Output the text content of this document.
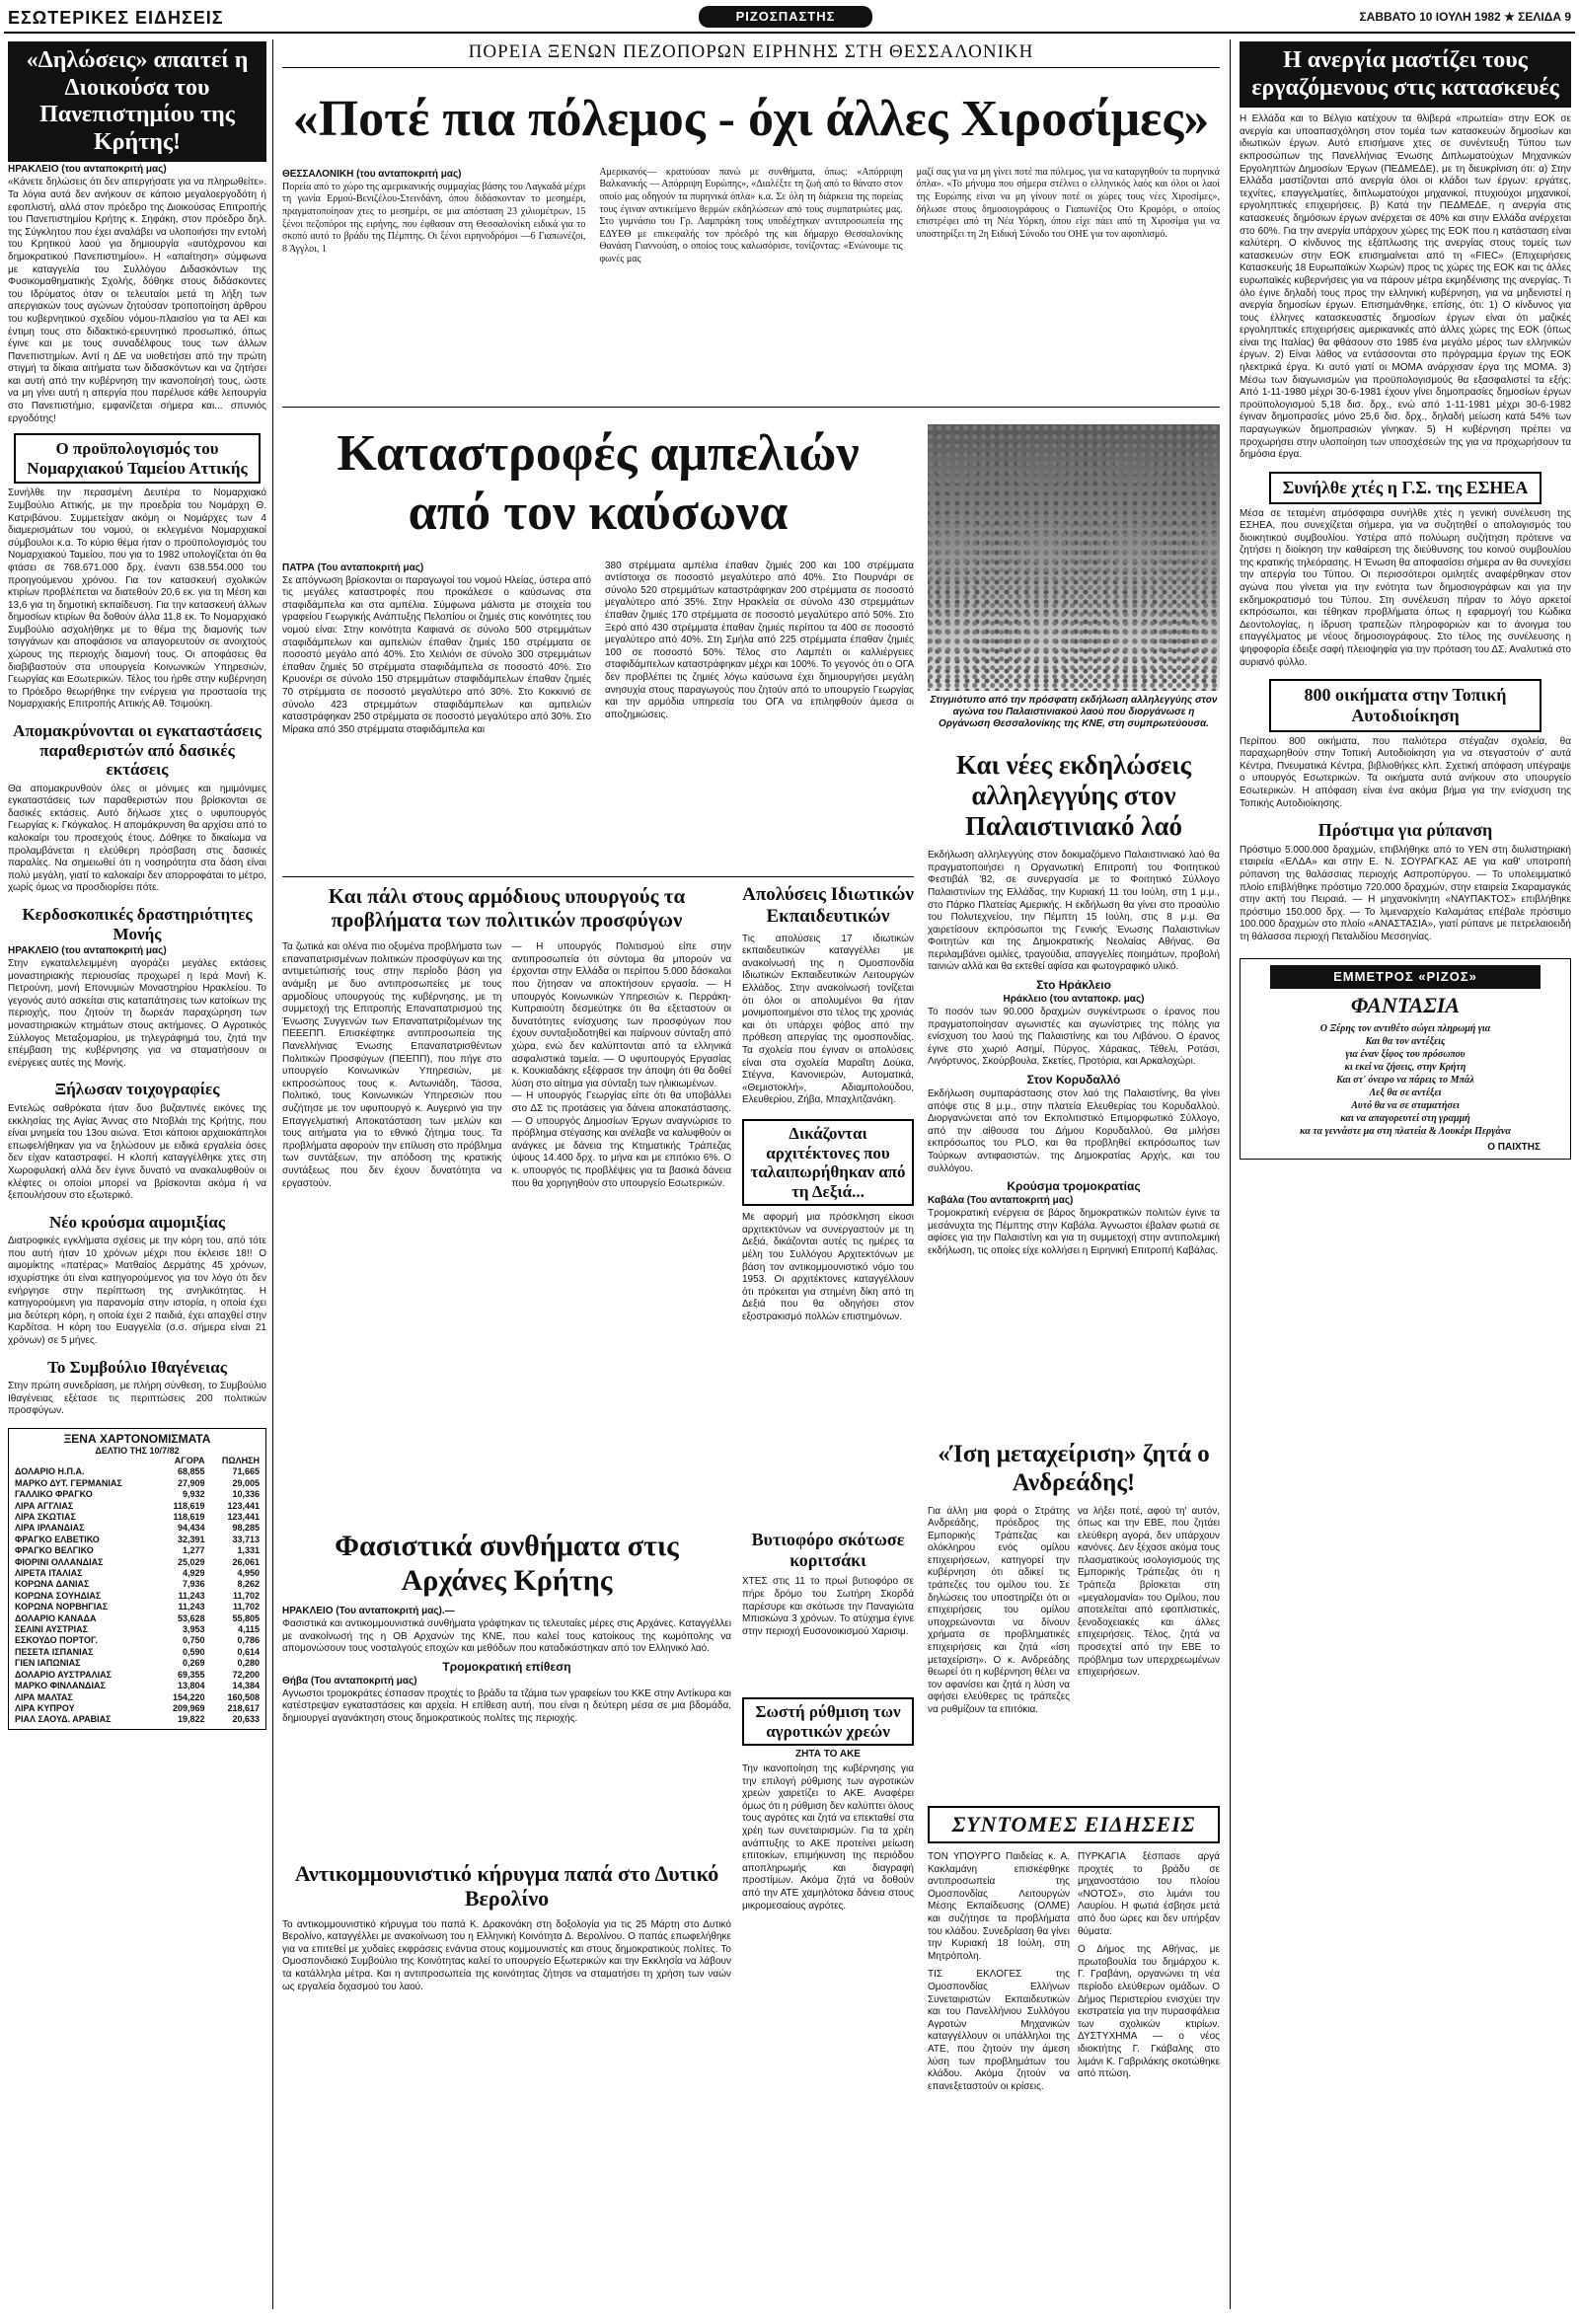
ΕΣΩΤΕΡΙΚΕΣ ΕΙΔΗΣΕΙΣ	ΡΙΖΟΣΠΑΣΤΗΣ	ΣΑΒΒΑΤΟ 10 ΙΟΥΛΗ 1982 ★ ΣΕΛΙΔΑ 9
«Δηλώσεις» απαιτεί η Διοικούσα του Πανεπιστημίου της Κρήτης!

ΗΡΑΚΛΕΙΟ (του ανταποκριτή μας)

«Κάνετε δηλώσεις ότι δεν απεργήσατε για να πληρωθείτε». Τα λόγια αυτά δεν ανήκουν σε κάποιο μεγαλοεργοδότη ή εφοπλιστή, αλλά στον πρόεδρο της Διοικούσας Επιτροπής του Πανεπιστημίου Κρήτης κ. Σηφάκη, στον πρόεδρο δηλ. της Σύγκλητου που έχει αναλάβει να υλοποιήσει την εντολή του Κρητικού λαού για δημιουργία «αυτόχρονου και δημοκρατικού Πανεπιστημίου». Η «απαίτηση» σύμφωνα με καταγγελία του Συλλόγου Διδασκόντων της Φυσικομαθηματικής Σχολής, δόθηκε στους διδάσκοντες του Ιδρύματος όταν οι τελευταίοι μετά τη λήξη των απεργιακών τους αγώνων ζητούσαν τροποποίηση άρθρου του κυβερνητικού σχεδίου νόμου-πλαισίου για τα ΑΕΙ και έντιμη τους στο διδακτικό-ερευνητικό προσωπικό, όπως έγινε και με τους συναδέλφους τους των άλλων Πανεπιστημίων. Αντί η ΔΕ να υιοθετήσει από την πρώτη στιγμή τα δίκαια αιτήματα των διδασκόντων και να ζητήσει και αυτή από την κυβέρνηση την ικανοποίησή τους, ώστε να μη γίνει αυτή η απεργία που παρέλυσε κάθε λειτουργία στο Πανεπιστήμιο, εμφανίζεται σήμερα και... σπυνιός εργοδότης!

Ο προϋπολογισμός του Νομαρχιακού Ταμείου Αττικής

Συνήλθε την περασμένη Δευτέρα το Νομαρχιακό Συμβούλιο Αττικής, με την προεδρία του Νομάρχη Θ. Κατριβάνου. Συμμετείχαν ακόμη οι Νομάρχες των 4 διαμερισμάτων του νομού, οι εκλεγμένοι Νομαρχιακοί σύμβουλοι κ.α. Το κύριο θέμα ήταν ο προϋπολογισμός του Νομαρχιακού Ταμείου, που για το 1982 υπολογίζεται ότι θα φτάσει σε 768.671.000 δρχ. έναντι 638.554.000 του προηγούμενου χρόνου. Για τον κατασκευή σχολικών κτιρίων προβλέπεται να διατεθούν 20,6 εκ. για τη Μέση και 13,6 για τη δημοτική εκπαίδευση. Για την κατασκευή άλλων δημοσίων κτιρίων θα δοθούν άλλα 11,8 εκ. Το Νομαρχιακό Συμβούλιο ασχολήθηκε με το θέμα της διαμονής των τσιγγάνων και αποφάσισε να απαγορευτούν σε ανοιχτούς χώρους της περιοχής διαμονή τους. Οι αποφάσεις θα διαβιβαστούν στα υπουργεία Κοινωνικών Υπηρεσιών, Γεωργίας και Εσωτερικών. Τέλος του ήρθε στην κυβέρνηση το Πρόεδρο θεωρήθηκε την ενέργεια για προστασία της Νομαρχιακής Επιτροπής Αττικής Αθ. Τσιμούκη.

Απομακρύνονται οι εγκαταστάσεις παραθεριστών από δασικές εκτάσεις

Θα απομακρυνθούν όλες οι μόνιμες και ημιμόνιμες εγκαταστάσεις των παραθεριστών που βρίσκονται σε δασικές εκτάσεις. Αυτό δήλωσε χτες ο υφυπουργός Γεωργίας κ. Γκόγκαλος. Η απομάκρυνση θα αρχίσει από το καλοκαίρι του προσεχούς έτους. Δόθηκε το δικαίωμα να προλαμβάνεται η ελεύθερη πρόσβαση στις δασικές παραλίες. Να σημειωθεί ότι η νοσηρότητα στα δάση είναι πολύ μεγάλη, γιατί το καλοκαίρι δεν απορροφάται το μέτρο, χωρίς όμως να προσδιορίσει πότε.

Κερδοσκοπικές δραστηριότητες Μονής

ΗΡΑΚΛΕΙΟ (του ανταποκριτή μας)

Στην εγκαταλελειμμένη αγοράζει μεγάλες εκτάσεις μοναστηριακής περιουσίας προχωρεί η Ιερά Μονή Κ. Πετρούνη, μονή Επονυμιών Μοναστηρίου Ηρακλείου. Το γεγονός αυτό ασκείται στις καταπάτησεις των κατοίκων της περιοχής, που ζητούν τη δωρεάν παραχώρηση των μοναστηριακών κτημάτων στους ακτήμονες. Ο Αγροτικός Σύλλογος Μεταξομαρίου, με τηλεγράφημά του, ζητά την επέμβαση της κυβέρνησης για να σταματήσουν οι ενέργειες αυτές της Μονής.

Ξήλωσαν τοιχογραφίες

Εντελώς σαθρόκατα ήταν δυο βυζαντινές εικόνες της εκκλησίας της Αγίας Άννας στο Ντοβλάι της Κρήτης, που είναι μνημεία του 13ου αιώνα. Έτσι κάποιοι αρχαιοκάπηλοι επωφελήθηκαν για να ξηλώσουν με ειδικά εργαλεία όσες δεν είχαν καταστραφεί. Η κλοπή καταγγέλθηκε χτες στη Χωροφυλακή αλλά δεν έγινε δυνατό να ανακαλυφθούν οι κλέφτες οι οποίοι μπορεί να βρίσκονται ακόμα ή να ξεπουλήσουν στο εξωτερικό.

Νέο κρούσμα αιμομιξίας

Διατροφικές εγκλήματα σχέσεις με την κόρη του, από τότε που αυτή ήταν 10 χρόνων μέχρι που έκλεισε 18!! Ο αιμομίκτης «πατέρας» Ματθαίος Δερμάτης 45 χρόνων, ισχυρίστηκε ότι είναι κατηγορούμενος για τον λόγο ότι δεν ενήργησε στην περίπτωση της ανηλικότητας. Η κατηγορούμενη για παρανομία στην ιστορία, η οποία έχει μια δεύτερη κόρη, η οποία έχει 2 παιδιά, έχει απαχθεί στην Καρδίτσα. Η κόρη του Ευαγγελία (σ.σ. σήμερα είναι 21 χρόνων) σε 5 μήνες.

Το Συμβούλιο Ιθαγένειας

Στην πρώτη συνεδρίαση, με πλήρη σύνθεση, το Συμβούλιο Ιθαγένειας εξέτασε τις περιπτώσεις 200 πολιτικών προσφύγων.

ΞΕΝΑ ΧΑΡΤΟΝΟΜΙΣΜΑΤΑ
ΔΕΛΤΙΟ ΤΗΣ 10/7/82
	ΑΓΟΡΑ	ΠΩΛΗΣΗ
ΔΟΛΑΡΙΟ Η.Π.Α.	68,855	71,665
ΜΑΡΚΟ ΔΥΤ. ΓΕΡΜΑΝΙΑΣ	27,909	29,005
ΓΑΛΛΙΚΟ ΦΡΑΓΚΟ	9,932	10,336
ΛΙΡΑ ΑΓΓΛΙΑΣ	118,619	123,441
ΛΙΡΑ ΣΚΩΤΙΑΣ	118,619	123,441
ΛΙΡΑ ΙΡΛΑΝΔΙΑΣ	94,434	98,285
ΦΡΑΓΚΟ ΕΛΒΕΤΙΚΟ	32,391	33,713
ΦΡΑΓΚΟ ΒΕΛΓΙΚΟ	1,277	1,331
ΦΙΟΡΙΝΙ ΟΛΛΑΝΔΙΑΣ	25,029	26,061
ΛΙΡΕΤΑ ΙΤΑΛΙΑΣ	4,929	4,950
ΚΟΡΩΝΑ ΔΑΝΙΑΣ	7,936	8,262
ΚΟΡΩΝΑ ΣΟΥΗΔΙΑΣ	11,243	11,702
ΚΟΡΩΝΑ ΝΟΡΒΗΓΙΑΣ	11,243	11,702
ΔΟΛΑΡΙΟ ΚΑΝΑΔΑ	53,628	55,805
ΣΕΛΙΝΙ ΑΥΣΤΡΙΑΣ	3,953	4,115
ΕΣΚΟΥΔΟ ΠΟΡΤΟΓ.	0,750	0,786
ΠΕΣΕΤΑ ΙΣΠΑΝΙΑΣ	0,590	0,614
ΓΙΕΝ ΙΑΠΩΝΙΑΣ	0,269	0,280
ΔΟΛΑΡΙΟ ΑΥΣΤΡΑΛΙΑΣ	69,355	72,200
ΜΑΡΚΟ ΦΙΝΛΑΝΔΙΑΣ	13,804	14,384
ΛΙΡΑ ΜΑΛΤΑΣ	154,220	160,508
ΛΙΡΑ ΚΥΠΡΟΥ	209,969	218,617
ΡΙΑΛ ΣΑΟΥΔ. ΑΡΑΒΙΑΣ	19,822	20,633
ΠΟΡΕΙΑ ΞΕΝΩΝ ΠΕΖΟΠΟΡΩΝ ΕΙΡΗΝΗΣ ΣΤΗ ΘΕΣΣΑΛΟΝΙΚΗ
«Ποτέ πια πόλεμος - όχι άλλες Χιροσίμες»

ΘΕΣΣΑΛΟΝΙΚΗ (του ανταποκριτή μας)

Πορεία από το χώρο της αμερικανικής συμμαχίας βάσης του Λαγκαδά μέχρι τη γωνία Ερμού-Βενιζέλου-Στεινδάνη, όπου διδάσκονταν το μεσημέρι, πραγματοποίησαν χτες το μεσημέρι, σε μια απόσταση 23 χιλιομέτρων, 15 ξένοι πεζοπόροι της ειρήνης, που έφθασαν στη Θεσσαλονίκη ειδικά για το σκοπό αυτό το βράδυ της Πέμπτης. Οι ξένοι ειρηνοδρόμοι —6 Γιαπωνέζοι, 8 Άγγλοι, 1

Αμερικανός— κρατούσαν πανώ με συνθήματα, όπως: «Απόρριψη Βαλκανικής — Απόρριψη Ευρώπης», «Διαλέξτε τη ζωή από το θάνατο στον οποίο μας οδηγούν τα πυρηνικά όπλα» κ.α. Σε όλη τη διάρκεια της πορείας τους έγιναν αντικείμενο θερμών εκδηλώσεων από τους συμπατριώτες μας. Στο γυμνάσιο του Γρ. Λαμπράκη τους υποδέχτηκαν αντιπροσωπεία της ΕΔΥΕΘ με επικεφαλής τον πρόεδρό της και δήμαρχο Θεσσαλονίκης Θανάση Γιαννούση, ο οποίος τους καλωσόρισε, τονίζοντας: «Ενώνουμε τις φωνές μας

μαζί σας για να μη γίνει ποτέ πια πόλεμος, για να καταργηθούν τα πυρηνικά όπλα». «Το μήνυμα που σήμερα στέλνει ο ελληνικός λαός και όλοι οι λαοί της Ευρώπης είναι να μη γίνουν ποτέ οι χώρες τους νέες Χιροσίμες», δήλωσε στους δημοσιογράφους ο Γιαπωνέζος Οτο Κρομόρι, ο οποίος επιστρέφει από τη Νέα Υόρκη, όπου είχε πάει από τη Χιροσίμα για να υποστηρίξει τη 2η Ειδική Σύνοδο του ΟΗΕ για τον αφοπλισμό.

Καταστροφές αμπελιών από τον καύσωνα

ΠΑΤΡΑ (Του ανταποκριτή μας)

Σε απόγνωση βρίσκονται οι παραγωγοί του νομού Ηλείας, ύστερα από τις μεγάλες καταστροφές που προκάλεσε ο καύσωνας στα σταφιδάμπελα και στα αμπέλια. Σύμφωνα μάλιστα με στοιχεία του γραφείου Γεωργικής Ανάπτυξης Πελοπίου οι ζημιές στις κοινότητες του νομού είναι: Στην κοινότητα Καφιανά σε σύνολο 500 στρεμμάτων σταφιδάμπελων και αμπελιών έπαθαν ζημιές 150 στρέμματα σε ποσοστό μεγάλο από 40%. Στο Χειλιόνι σε σύνολο 300 στρεμμάτων έπαθαν ζημιές 50 στρέμματα σταφιδάμπελα σε ποσοστό 40%. Στο Κρυονέρι σε σύνολο 150 στρεμμάτων σταφιδάμπελων έπαθαν ζημιές 70 στρέμματα σε ποσοστό μεγαλύτερο από 30%. Στο Κοκκινιό σε σύνολο 423 στρεμμάτων σταφιδάμπελων και αμπελιών καταστράφηκαν 250 στρέμματα σε ποσοστό μεγαλύτερο από 30%. Στο Μίρακα από 350 στρέμματα σταφιδάμπελα και

380 στρέμματα αμπέλια έπαθαν ζημιές 200 και 100 στρέμματα αντίστοιχα σε ποσοστό μεγαλύτερο από 40%. Στο Πουρνάρι σε σύνολο 520 στρεμμάτων καταστράφηκαν 200 στρέμματα σε ποσοστό μεγαλύτερο από 35%. Στην Ηρακλεία σε σύνολο 430 στρεμμάτων έπαθαν ζημιές 170 στρέμματα σε ποσοστό μεγαλύτερο από 50%. Στο Ξερό από 430 στρέμματα έπαθαν ζημιές περίπου τα 400 σε ποσοστό μεγαλύτερο από 40%. Στη Σμήλα από 225 στρέμματα έπαθαν ζημιές 100 σε ποσοστό 50%. Τέλος στο Λαμπέτι οι καλλιέργειες σταφιδάμπελων καταστράφηκαν μέχρι και 100%. Το γεγονός ότι ο ΟΓΑ δεν προβλέπει τις ζημιές λόγω καύσωνα έχει δημιουργήσει μεγάλη ανησυχία στους παραγωγούς που ζητούν από το υπουργείο Γεωργίας και την αρμόδια υπηρεσία του ΟΓΑ να επιληφθούν άμεσα οι αποζημιώσεις.

Στιγμιότυπο από την πρόσφατη εκδήλωση αλληλεγγύης στον αγώνα του Παλαιστινιακού λαού που διοργάνωσε η Οργάνωση Θεσσαλονίκης της ΚΝΕ, στη συμπρωτεύουσα.
Και νέες εκδηλώσεις αλληλεγγύης στον Παλαιστινιακό λαό

Εκδήλωση αλληλεγγύης στον δοκιμαζόμενο Παλαιστινιακό λαό θα πραγματοποιήσει η Οργανωτική Επιτροπή του Φοιτητικού Φεστιβάλ '82, σε συνεργασία με το Φοιτητικό Σύλλογο Παλαιστινίων της Ελλάδας, την Κυριακή 11 του Ιούλη, στη 1 μ.μ., στο Πάρκο Πλατείας Αμερικής. Η εκδήλωση θα γίνει στο προαύλιο του Πολυτεχνείου, την Πέμπτη 15 Ιούλη, στις 8 μ.μ. Θα χαιρετίσουν εκπρόσωποι της Γενικής Ένωσης Παλαιστινίων Φοιτητών και της Δημοκρατικής Νεολαίας Αθήνας. Θα περιλαμβάνει ομιλίες, τραγούδια, απαγγελίες ποιημάτων, προβολή ταινιών αλλά και θα εκτεθεί αφίσα και φωτογραφικό υλικό.

Στο Ηράκλειο

Ηράκλειο (του ανταποκρ. μας)

Το ποσόν των 90.000 δραχμών συγκέντρωσε ο έρανος που πραγματοποίησαν αγωνιστές και αγωνίστριες της πόλης για ενίσχυση του λαού της Παλαιστίνης και του Λιβάνου. Ο έρανος έγινε στο χωριό Ασημί, Πύργος, Χάρακας, Τέθελι, Ροτάσι, Λιγόρτυνος, Σκούρβουλα, Σκετίες, Προτόρια, και Αρκαλοχώρι.

Στον Κορυδαλλό

Εκδήλωση συμπαράστασης στον λαό της Παλαιστίνης, θα γίνει απόψε στις 8 μ.μ., στην πλατεία Ελευθερίας του Κορυδαλλού. Διοργανώνεται από τον Εκπολιτιστικό Επιμορφωτικό Σύλλογο, από την αίθουσα του Δήμου Κορυδαλλού. Θα μιλήσει εκπρόσωπος του PLO, και θα προβληθεί εκπρόσωπος των Τούρκων αντιφασιστών, της Δημοκρατίας Αρχής, και του συλλόγου.

Κρούσμα τρομοκρατίας

Καβάλα (Του ανταποκριτή μας)

Τρομοκρατική ενέργεια σε βάρος δημοκρατικών πολιτών έγινε τα μεσάνυχτα της Πέμπτης στην Καβάλα. Άγνωστοι έβαλαν φωτιά σε αφίσες για την Παλαιστίνη και για τη συμμετοχή στην αντιπολεμική εκδήλωση, τις οποίες είχε κολλήσει η Ειρηνική Επιτροπή Καβάλας.

Και πάλι στους αρμόδιους υπουργούς τα προβλήματα των πολιτικών προσφύγων

Τα ζωτικά και ολένα πιο οξυμένα προβλήματα των επαναπατρισμένων πολιτικών προσφύγων και της αντιμετώπισής τους στην περίοδο βάση για ανάμιξη με δυο αντιπροσωπείες με τους αρμοδίους υπουργούς της κυβέρνησης, με τη συμμετοχή της Επιτροπής Επαναπατρισμού της Ένωσης Συγγενών των Επαναπατριζομένων της ΠΕΕΕΠΠ. Επισκέφτηκε αντιπροσωπεία της Πανελλήνιας Ένωσης Επαναπατρισθέντων Πολιτικών Προσφύγων (ΠΕΕΠΠ), που πήγε στο υπουργείο Κοινωνικών Υπηρεσιών, με εκπροσώπους τους κ. Αντωνιάδη, Τάσσα, Πολιτικό, τους Κοινωνικών Υπηρεσιών που συζήτησε με τον υφυπουργό κ. Αυγερινό για την Επαγγελματική Αποκατάσταση των μελών και τους αιτήματα για το εθνικό ζήτημα τους. Τα προβλήματα αφορούν την επίλυση στο πρόβλημα των συντάξεων, την απόδοση της κρατικής συντάξεως που δεν έχουν δυνατότητα να εργαστούν.

— Η υπουργός Πολιτισμού είπε στην αντιπροσωπεία ότι σύντομα θα μπορούν να έρχονται στην Ελλάδα οι περίπου 5.000 δάσκαλοι που ζήτησαν να αποκτήσουν εργασία. — Η υπουργός Κοινωνικών Υπηρεσιών κ. Περράκη-Κυπραιούτη δεσμεύτηκε ότι θα εξεταστούν οι δυνατότητες ενίσχυσης των προσφύγων που έχουν συνταξιοδοτηθεί και παίρνουν σύνταξη από χώρα, ενώ δεν καλύπτονται από τα ελληνικά ασφαλιστικά ταμεία. — Ο υφυπουργός Εργασίας κ. Κουκιαδάκης εξέφρασε την άποψη ότι θα δοθεί λύση στο αίτημα για σύνταξη των ηλικιωμένων.

— Η υπουργός Γεωργίας είπε ότι θα υποβάλλει στο ΔΣ τις προτάσεις για δάνεια αποκατάστασης. — Ο υπουργός Δημοσίων Έργων αναγνώρισε το πρόβλημα στέγασης και ανέλαβε να καλυφθούν οι ανάγκες με δάνεια της Κτηματικής Τράπεζας ύψους 14.400 δρχ. το μήνα και με επιτόκιο 6%. Ο κ. υπουργός τις προβλέψεις για τα βασικά δάνεια που θα χορηγηθούν στο υπουργείο Εσωτερικών.

Απολύσεις Ιδιωτικών Εκπαιδευτικών

Τις απολύσεις 17 ιδιωτικών εκπαιδευτικών καταγγέλλει με ανακοίνωσή της η Ομοσπονδία Ιδιωτικών Εκπαιδευτικών Λειτουργών Ελλάδος. Στην ανακοίνωσή τονίζεται ότι όλοι οι απολυμένοι θα ήταν μονιμοποιημένοι στο τέλος της χρονιάς και ότι υπάρχει φόβος από την πρόθεση απεργίας της ομοσπονδίας. Τα σχολεία που έγιναν οι απολύσεις είναι στα σχολεία Μαραΐτη Δούκα, Στέγνα, Κανονιερών, Αυτοματικά, «Θεμιστοκλή», Αδιαμπολούδου, Ελευθερίου, Ζήβα, Μπαχλιτζανάκη.

Δικάζονται αρχιτέκτονες που ταλαιπωρήθηκαν από τη Δεξιά...

Με αφορμή μια πρόσκληση είκοσι αρχιτεκτόνων να συνεργαστούν με τη Δεξιά, δικάζονται αυτές τις ημέρες τα μέλη του Συλλόγου Αρχιτεκτόνων με βάση τον αντικομμουνιστικό νόμο του 1953. Οι αρχιτέκτονες καταγγέλλουν ότι πρόκειται για στημένη δίκη από τη Δεξιά που θα οδηγήσει στον εξοστρακισμό πολλών επιστημόνων.

Φασιστικά συνθήματα στις Αρχάνες Κρήτης

ΗΡΑΚΛΕΙΟ (Του ανταποκριτή μας).—

Φασιστικά και αντικομμουνιστικά συνθήματα γράφτηκαν τις τελευταίες μέρες στις Αρχάνες. Καταγγέλλει με ανακοίνωσή της η ΟΒ Αρχανών της ΚΝΕ, που καλεί τους κατοίκους της κωμόπολης να απομονώσουν τους νοσταλγούς εποχών και μεθόδων που καταδικάστηκαν από τον Ελληνικό λαό.

Τρομοκρατική επίθεση

Θήβα (Του ανταποκριτή μας)

Αγνωστοι τρομοκράτες έσπασαν προχτές το βράδυ τα τζάμια των γραφείων του ΚΚΕ στην Αντίκυρα και κατέστρεψαν εγκαταστάσεις και αρχεία. Η επίθεση αυτή, που είναι η δεύτερη μέσα σε μια βδομάδα, δημιουργεί αγανάκτηση στους δημοκρατικούς πολίτες της περιοχής.

Αντικομμουνιστικό κήρυγμα παπά στο Δυτικό Βερολίνο

Το αντικομμουνιστικό κήρυγμα του παπά Κ. Δρακονάκη στη δοξολογία για τις 25 Μάρτη στο Δυτικό Βερολίνο, καταγγέλλει με ανακοίνωση του η Ελληνική Κοινότητα Δ. Βερολίνου. Ο παπάς επωφελήθηκε για να επιτεθεί με χυδαίες εκφράσεις ενάντια στους κομμουνιστές και στους δημοκρατικούς πολίτες. Το Ομοσπονδιακό Συμβούλιο της Κοινότητας καλεί το υπουργείο Εξωτερικών και την Εκκλησία να λάβουν τα κατάλληλα μέτρα. Και η αντιπροσωπεία της κοινότητας ζήτησε να σταματήσει τη χρήση των ναών ως εργαλεία διχασμού του λαού.

Βυτιοφόρο σκότωσε κοριτσάκι

ΧΤΕΣ στις 11 το πρωί βυτιοφόρο σε πήρε δρόμο του Σωτήρη Σκορδά παρέσυρε και σκότωσε την Παναγιώτα Μπισκώνα 3 χρόνων. Το ατύχημα έγινε στην περιοχή Ευσονοικισμού Χαρισιμ.

Σωστή ρύθμιση των αγροτικών χρεών
ΖΗΤΑ ΤΟ ΑΚΕ

Την ικανοποίηση της κυβέρνησης για την επιλογή ρύθμισης των αγροτικών χρεών χαιρετίζει το ΑΚΕ. Αναφέρει όμως ότι η ρύθμιση δεν καλύπτει όλους τους αγρότες και ζητά να επεκταθεί στα χρέη των συνεταιρισμών. Για τα χρέη ανάπτυξης το ΑΚΕ προτείνει μείωση επιτοκίων, επιμήκυνση της περιόδου αποπληρωμής και διαγραφή προστίμων. Ακόμα ζητά να δοθούν από την ΑΤΕ χαμηλότοκα δάνεια στους μικρομεσαίους αγρότες.

«Ίση μεταχείριση» ζητά ο Ανδρεάδης!

Για άλλη μια φορά ο Στράτης Ανδρεάδης, πρόεδρος της Εμπορικής Τράπεζας και ολόκληρου ενός ομίλου επιχειρήσεων, κατηγορεί την κυβέρνηση ότι αδικεί τις τράπεζες του ομίλου του. Σε δηλώσεις του υποστηρίζει ότι οι επιχειρήσεις του ομίλου υποχρεώνονται να δίνουν χρήματα σε προβληματικές επιχειρήσεις και ζητά «ίση μεταχείριση». Ο κ. Ανδρεάδης θεωρεί ότι η κυβέρνηση θέλει να τον αφανίσει και ζητά η λύση να αφήσει ελεύθερες τις τράπεζες να ρυθμίζουν τα επιτόκια.

να λήξει ποτέ, αφού τη' αυτόν, όπως και την ΕΒΕ, που ζητάει ελεύθερη αγορά, δεν υπάρχουν κανόνες. Δεν ξέχασε ακόμα τους πλασματικούς ισολογισμούς της Εμπορικής Τράπεζας ότι η Τράπεζα βρίσκεται στη «μεγαλομανία» του Ομίλου, που αποτελείται από εφοπλιστικές, ξενοδοχειακές και άλλες επιχειρήσεις. Τέλος, ζητά να προσεχτεί από την ΕΒΕ το πρόβλημα των υπερχρεωμένων επιχειρήσεων.

ΣΥΝΤΟΜΕΣ ΕΙΔΗΣΕΙΣ

ΤΟΝ ΥΠΟΥΡΓΟ Παιδείας κ. Α. Κακλαμάνη επισκέφθηκε αντιπροσωπεία της Ομοσπονδίας Λειτουργών Μέσης Εκπαίδευσης (ΟΛΜΕ) και συζήτησε τα προβλήματα του κλάδου. Συνεδρίαση θα γίνει την Κυριακή 18 Ιούλη, στη Μητρόπολη.

ΤΙΣ ΕΚΛΟΓΕΣ της Ομοσπονδίας Ελλήνων Συνεταιριστών Εκπαιδευτικών και του Πανελλήνιου Συλλόγου Αγροτών Μηχανικών καταγγέλλουν οι υπάλληλοι της ΑΤΕ, που ζητούν την άμεση λύση των προβλημάτων του κλάδου. Ακόμα ζητούν να επανεξεταστούν οι κρίσεις.

ΠΥΡΚΑΓΙΑ ξέσπασε αργά προχτές το βράδυ σε μηχανοστάσιο του πλοίου «ΝΟΤΟΣ», στο λιμάνι του Λαυρίου. Η φωτιά έσβησε μετά από δυο ώρες και δεν υπήρξαν θύματα.

Ο Δήμος της Αθήνας, με πρωτοβουλία του δημάρχου κ. Γ. Γραβάνη, οργανώνει τη νέα περίοδο ελεύθερων ομάδων. Ο Δήμος Περιστερίου ενισχύει την εκστρατεία για την πυρασφάλεια των σχολικών κτιρίων. ΔΥΣΤΥΧΗΜΑ — ο νέος ιδιοκτήτης Γ. Γκάβαλης στο λιμάνι Κ. Γαβριλάκης σκοτώθηκε από πτώση.

Η ανεργία μαστίζει τους εργαζόμενους στις κατασκευές

Η Ελλάδα και το Βέλγιο κατέχουν τα θλιβερά «πρωτεία» στην ΕΟΚ σε ανεργία και υποαπασχόληση στον τομέα των κατασκευών δημοσίων και ιδιωτικών έργων. Αυτό επισήμανε χτες σε συνέντευξη Τύπου των εκπροσώπων της Πανελλήνιας Ένωσης Διπλωματούχων Μηχανικών Εργοληπτών Δημοσίων Έργων (ΠΕΔΜΕΔΕ), με τη διευκρίνιση ότι: α) Στην Ελλάδα μαστίζονται από ανεργία όλοι οι κλάδοι των έργων: εργάτες, τεχνίτες, επαγγελματίες, διπλωματούχοι μηχανικοί, πτυχιούχοι μηχανικοί, εργοληπτικές επιχειρήσεις. β) Κατά την ΠΕΔΜΕΔΕ, η ανεργία στις κατασκευές δημόσιων έργων ανέρχεται σε 40% και στην Ελλάδα ανέρχεται στο 60%. Για την ανεργία υπάρχουν χώρες της ΕΟΚ που η κατάσταση είναι καλύτερη. Ο κίνδυνος της εξάπλωσης της ανεργίας στους τομείς των κατασκευών στην ΕΟΚ επισημαίνεται από τη «FIEC» (Επιχειρήσεις Κατασκευής 18 Ευρωπαϊκών Χωρών) προς τις χώρες της ΕΟΚ και τις άλλες ευρωπαϊκές κυβερνήσεις για να πάρουν μέτρα εκμηδένισης της ανεργίας. Τι όλο έγινε δηλαδή τους προς την ελληνική κυβέρνηση, για να μηδενιστεί η ανεργία δημοσίων έργων. Επισημάνθηκε, επίσης, ότι: 1) Ο κίνδυνος για τους έλληνες κατασκευαστές δημοσίων έργων είναι ότι μαζικές εργοληπτικές επιχειρήσεις αμερικανικές από άλλες χώρες της ΕΟΚ (όπως είναι της Ιταλίας) θα φθάσουν στο 1985 ένα μεγάλο μέρος των ελληνικών έργων. 2) Είναι λάθος να εντάσσονται στο πρόγραμμα έργων της ΕΟΚ ηλεκτρικά έργα. Κι αυτό γιατί οι ΜΟΜΑ ανάρχισαν έργα της ΜΟΜΑ. 3) Μέσω των διαγωνισμών για προϋπολογισμούς θα εξασφαλιστεί τα εξής: Από 1-11-1980 μέχρι 30-6-1981 έχουν γίνει δημοπρασίες δημοσίων έργων προϋπολογισμού 5,18 δισ. δρχ., ενώ από 1-11-1981 μέχρι 30-6-1982 έγιναν δημοπρασίες μόνο 25,6 δισ. δρχ., δηλαδή μείωση κατά 54% των παραγωγικών δημοπρασιών γίνηκαν. 5) Η κυβέρνηση πρέπει να προχωρήσει στην υλοποίηση των υποσχέσεών της για να προχωρήσουν τα δημόσια έργα.

Συνήλθε χτές η Γ.Σ. της ΕΣΗΕΑ

Μέσα σε τεταμένη ατμόσφαιρα συνήλθε χτές η γενική συνέλευση της ΕΣΗΕΑ, που συνεχίζεται σήμερα, για να συζητηθεί ο απολογισμός του διοικητικού συμβουλίου. Υστέρα από πολύωρη συζήτηση πρότεινε να ζητήσει η διοίκηση την καθαίρεση της διεύθυνσης του κοινού συμβουλίου της κρατικής τηλεόρασης. Η Ένωση θα αποφασίσει σήμερα αν θα συνεχίσει την απεργία του Τύπου. Οι περισσότεροι ομιλητές αναφέρθηκαν στον αγώνα που γίνεται για την ενότητα των δημοσιογράφων και για την εκδημοκρατισμό του Τύπου. Στη συνέλευση πήραν το λόγο αρκετοί εκπρόσωποι, και τέθηκαν προβλήματα όπως η εφαρμογή του Κώδικα Δεοντολογίας, η ίδρυση τραπεζών πληροφοριών και το άνοιγμα του επαγγέλματος με νέους δημοσιογράφους. Στο τέλος της συνέλευσης η ψηφοφορία έδειξε σαφή πλειοψηφία για την πρόταση του ΔΣ. Αναλυτικά στο αυριανό φύλλο.

800 οικήματα στην Τοπική Αυτοδιοίκηση

Περίπου 800 οικήματα, που παλιότερα στέγαζαν σχολεία, θα παραχωρηθούν στην Τοπική Αυτοδιοίκηση για να στεγαστούν σ' αυτά Κέντρα, Πνευματικά Κέντρα, βιβλιοθήκες κλπ. Σχετική απόφαση υπέγραψε ο υπουργός Εσωτερικών. Τα οικήματα αυτά ανήκουν στο υπουργείο Εσωτερικών. Η απόφαση είναι ένα ακόμα βήμα για την ενίσχυση της Τοπικής Αυτοδιοίκησης.

Πρόστιμα για ρύπανση

Πρόστιμο 5.000.000 δραχμών, επιβλήθηκε από το ΥΕΝ στη διυλιστηριακή εταιρεία «ΕΛΔΑ» και στην Ε. Ν. ΣΟΥΡΑΓΚΑΣ ΑΕ για καθ' υποτροπή ρύπανση της θαλάσσιας περιοχής Ασπροπύργου. — Το υπολειμματικό πλοίο επιβλήθηκε πρόστιμο 720.000 δραχμών, στην εταιρεία Σκαραμαγκάς στην ακτή του Πειραιά. — Η μηχανοκίνητη «ΝΑΥΠΑΚΤΟΣ» επιβλήθηκε πρόστιμο 150.000 δρχ. — Το λιμεναρχείο Καλαμάτας επέβαλε πρόστιμο 100.000 δραχμών στο πλοίο «ΑΝΑΣΤΑΣΙΑ», γιατί ρύπανε με πετρελαιοειδή τη θάλασσα περιοχή Πεταλιδίου Μεσσηνίας.

ΕΜΜΕΤΡΟΣ «ΡΙΖΟΣ»
ΦΑΝΤΑΣΙΑ
Ο Ξέρης τον αντιθέτο σώγει πληρωμή για
Και θα τον αντέξεις
για έναν ξίφος του πρόσωπου
κι εκεί να ζήσεις, στην Κρήτη
Και στ' όνειρο να πάρεις το Μπάλ
Λεξ θα σε αντέξει
Αυτό θα να σε σταματήσει
και να απαγορευτεί στη γραμμή
κα τα γεννάστε μα στη πλατεία & Λουκέρι Περγάνα
Ο ΠΑΙΧΤΗΣ
